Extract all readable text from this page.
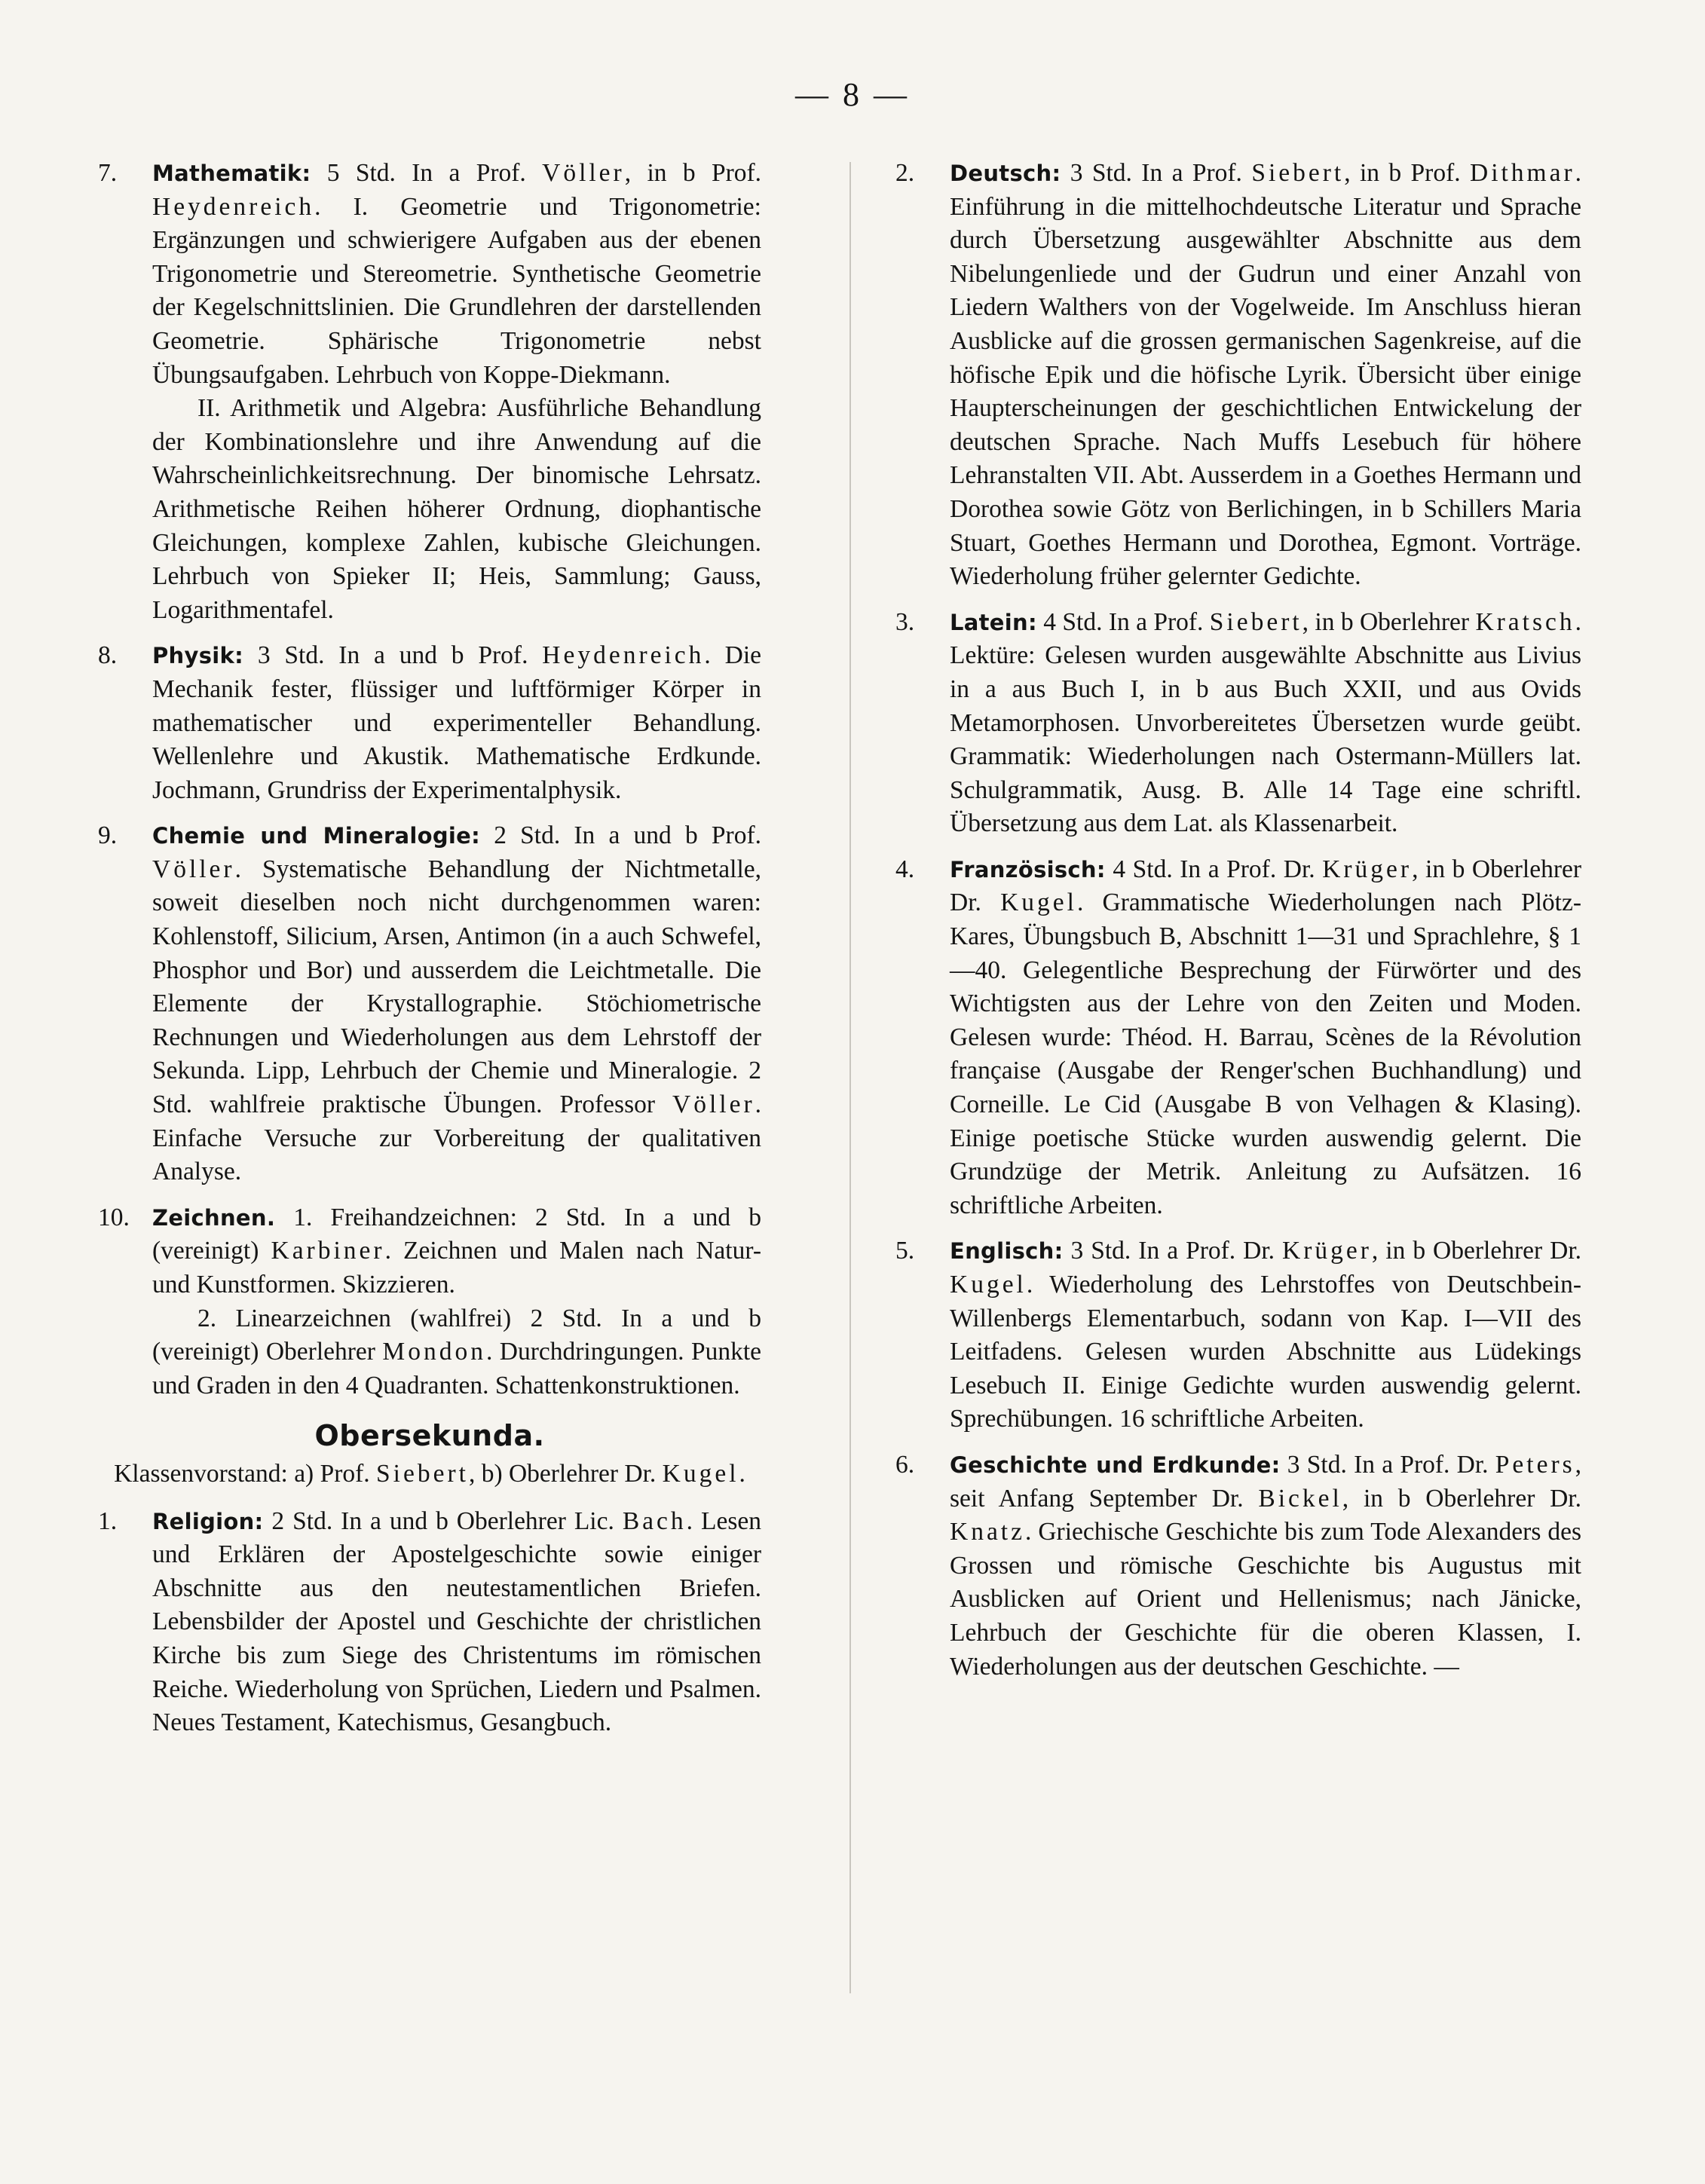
— 8 —
7.	Mathematik: 5 Std. In a Prof. Völler, in b Prof. Heydenreich. I. Geometrie und Trigonometrie: Ergänzungen und schwierigere Aufgaben aus der ebenen Trigonometrie und Stereometrie. Synthetische Geometrie der Kegelschnittslinien. Die Grundlehren der darstellenden Geometrie. Sphärische Trigonometrie nebst Übungsaufgaben. Lehrbuch von Koppe-Diekmann.
II. Arithmetik und Algebra: Ausführliche Behandlung der Kombinationslehre und ihre Anwendung auf die Wahrscheinlichkeitsrechnung. Der binomische Lehrsatz. Arithmetische Reihen höherer Ordnung, diophantische Gleichungen, komplexe Zahlen, kubische Gleichungen. Lehrbuch von Spieker II; Heis, Sammlung; Gauss, Logarithmentafel.
8.	Physik: 3 Std. In a und b Prof. Heydenreich. Die Mechanik fester, flüssiger und luftförmiger Körper in mathematischer und experimenteller Behandlung. Wellenlehre und Akustik. Mathematische Erdkunde. Jochmann, Grundriss der Experimentalphysik.
9.	Chemie und Mineralogie: 2 Std. In a und b Prof. Völler. Systematische Behandlung der Nichtmetalle, soweit dieselben noch nicht durchgenommen waren: Kohlenstoff, Silicium, Arsen, Antimon (in a auch Schwefel, Phosphor und Bor) und ausserdem die Leichtmetalle. Die Elemente der Krystallographie. Stöchiometrische Rechnungen und Wiederholungen aus dem Lehrstoff der Sekunda. Lipp, Lehrbuch der Chemie und Mineralogie. 2 Std. wahlfreie praktische Übungen. Professor Völler. Einfache Versuche zur Vorbereitung der qualitativen Analyse.
10.	Zeichnen. 1. Freihandzeichnen: 2 Std. In a und b (vereinigt) Karbiner. Zeichnen und Malen nach Natur- und Kunstformen. Skizzieren.
2. Linearzeichnen (wahlfrei) 2 Std. In a und b (vereinigt) Oberlehrer Mondon. Durchdringungen. Punkte und Graden in den 4 Quadranten. Schattenkonstruktionen.
Obersekunda.
Klassenvorstand: a) Prof. Siebert, b) Oberlehrer Dr. Kugel.
1.	Religion: 2 Std. In a und b Oberlehrer Lic. Bach. Lesen und Erklären der Apostelgeschichte sowie einiger Abschnitte aus den neutestamentlichen Briefen. Lebensbilder der Apostel und Geschichte der christlichen Kirche bis zum Siege des Christentums im römischen Reiche. Wiederholung von Sprüchen, Liedern und Psalmen. Neues Testament, Katechismus, Gesangbuch.
2.	Deutsch: 3 Std. In a Prof. Siebert, in b Prof. Dithmar. Einführung in die mittelhochdeutsche Literatur und Sprache durch Übersetzung ausgewählter Abschnitte aus dem Nibelungenliede und der Gudrun und einer Anzahl von Liedern Walthers von der Vogelweide. Im Anschluss hieran Ausblicke auf die grossen germanischen Sagenkreise, auf die höfische Epik und die höfische Lyrik. Übersicht über einige Haupterscheinungen der geschichtlichen Entwickelung der deutschen Sprache. Nach Muffs Lesebuch für höhere Lehranstalten VII. Abt. Ausserdem in a Goethes Hermann und Dorothea sowie Götz von Berlichingen, in b Schillers Maria Stuart, Goethes Hermann und Dorothea, Egmont. Vorträge. Wiederholung früher gelernter Gedichte.
3.	Latein: 4 Std. In a Prof. Siebert, in b Oberlehrer Kratsch. Lektüre: Gelesen wurden ausgewählte Abschnitte aus Livius in a aus Buch I, in b aus Buch XXII, und aus Ovids Metamorphosen. Unvorbereitetes Übersetzen wurde geübt. Grammatik: Wiederholungen nach Ostermann-Müllers lat. Schulgrammatik, Ausg. B. Alle 14 Tage eine schriftl. Übersetzung aus dem Lat. als Klassenarbeit.
4.	Französisch: 4 Std. In a Prof. Dr. Krüger, in b Oberlehrer Dr. Kugel. Grammatische Wiederholungen nach Plötz-Kares, Übungsbuch B, Abschnitt 1—31 und Sprachlehre, § 1—40. Gelegentliche Besprechung der Fürwörter und des Wichtigsten aus der Lehre von den Zeiten und Moden. Gelesen wurde: Théod. H. Barrau, Scènes de la Révolution française (Ausgabe der Renger'schen Buchhandlung) und Corneille. Le Cid (Ausgabe B von Velhagen & Klasing). Einige poetische Stücke wurden auswendig gelernt. Die Grundzüge der Metrik. Anleitung zu Aufsätzen. 16 schriftliche Arbeiten.
5.	Englisch: 3 Std. In a Prof. Dr. Krüger, in b Oberlehrer Dr. Kugel. Wiederholung des Lehrstoffes von Deutschbein-Willenbergs Elementarbuch, sodann von Kap. I—VII des Leitfadens. Gelesen wurden Abschnitte aus Lüdekings Lesebuch II. Einige Gedichte wurden auswendig gelernt. Sprechübungen. 16 schriftliche Arbeiten.
6.	Geschichte und Erdkunde: 3 Std. In a Prof. Dr. Peters, seit Anfang September Dr. Bickel, in b Oberlehrer Dr. Knatz. Griechische Geschichte bis zum Tode Alexanders des Grossen und römische Geschichte bis Augustus mit Ausblicken auf Orient und Hellenismus; nach Jänicke, Lehrbuch der Geschichte für die oberen Klassen, I. Wiederholungen aus der deutschen Geschichte. —
